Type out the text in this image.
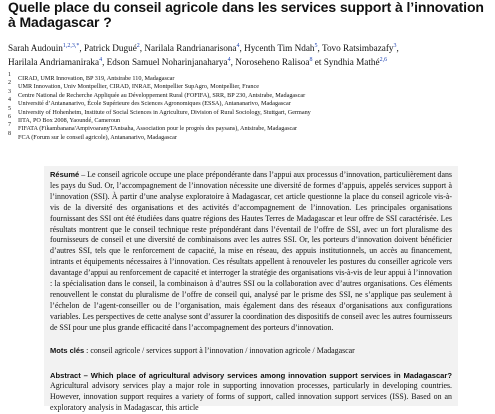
Quelle place du conseil agricole dans les services support à l’innovation à Madagascar ?
Sarah Audouin$^{1,2,3,*}$, Patrick Dugué$^2$, Narilala Randrianarisona$^4$, Hycenth Tim Ndah$^5$, Tovo Ratsimbazafy$^3$, Harilala Andriamaniraka$^4$, Edson Samuel Noharinjanaharya$^4$, Noroseheno Ralisoa$^8$ et Syndhia Mathé$^{2,6}$
1	CIRAD, UMR Innovation, BP 319, Antsirabe 110, Madagascar
2	UMR Innovation, Univ Montpellier, CIRAD, INRAE, Montpellier SupAgro, Montpellier, France
3	Centre National de Recherche Appliquée au Développement Rural (FOFIFA), SRR, BP 230, Antsirabe, Madagascar
4	Université d’Antananarivo, École Supérieure des Sciences Agronomiques (ESSA), Antananarivo, Madagascar
5	University of Hohenheim, Institute of Social Sciences in Agriculture, Division of Rural Sociology, Stuttgart, Germany
6	IITA, PO Box 2008, Yaoundé, Cameroun
7	FIFATA (Fikambanana'AmpivoaranyTAntsaha, Association pour le progrès des paysans), Antsirabe, Madagascar
8	FCA (Forum sur le conseil agricole), Antananarivo, Madagascar

Résumé – Le conseil agricole occupe une place prépondérante dans l’appui aux processus d’innovation, particulièrement dans les pays du Sud. Or, l’accompagnement de l’innovation nécessite une diversité de formes d’appuis, appelés services support à l’innovation (SSI). À partir d’une analyse exploratoire à Madagascar, cet article questionne la place du conseil agricole vis-à-vis de la diversité des organisations et des activités d’accompagnement de l’innovation. Les principales organisations fournissant des SSI ont été étudiées dans quatre régions des Hautes Terres de Madagascar et leur offre de SSI caractérisée. Les résultats montrent que le conseil technique reste prépondérant dans l’éventail de l’offre de SSI, avec un fort pluralisme des fournisseurs de conseil et une diversité de combinaisons avec les autres SSI. Or, les porteurs d’innovation doivent bénéficier d’autres SSI, tels que le renforcement de capacité, la mise en réseau, des appuis institutionnels, un accès au financement, intrants et équipements nécessaires à l’innovation. Ces résultats appellent à renouveler les postures du conseiller agricole vers davantage d’appui au renforcement de capacité et interroger la stratégie des organisations vis-à-vis de leur appui à l’innovation : la spécialisation dans le conseil, la combinaison à d’autres SSI ou la collaboration avec d’autres organisations. Ces éléments renouvellent le constat du pluralisme de l’offre de conseil qui, analysé par le prisme des SSI, ne s’applique pas seulement à l’échelon de l’agent-conseiller ou de l’organisation, mais également dans des réseaux d’organisations aux configurations variables. Les perspectives de cette analyse sont d’assurer la coordination des dispositifs de conseil avec les autres fournisseurs de SSI pour une plus grande efficacité dans l’accompagnement des porteurs d’innovation.

Mots clés : conseil agricole / services support à l’innovation / innovation agricole / Madagascar

Abstract – Which place of agricultural advisory services among innovation support services in Madagascar? Agricultural advisory services play a major role in supporting innovation processes, particularly in developing countries. However, innovation support requires a variety of forms of support, called innovation support services (ISS). Based on an exploratory analysis in Madagascar, this article
